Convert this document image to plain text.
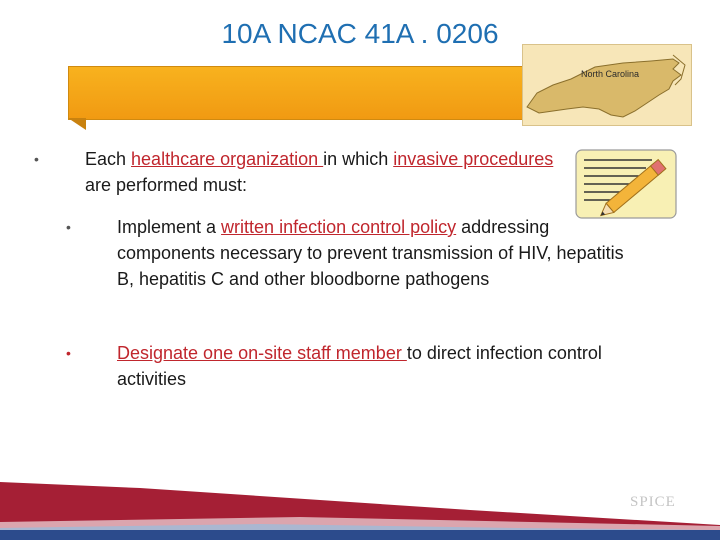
10A NCAC 41A . 0206
North Carolina
•	Each healthcare organization in which invasive procedures are performed must:
•	Implement a written infection control policy addressing components necessary to prevent transmission of HIV, hepatitis B, hepatitis C and other bloodborne pathogens
•	Designate one on-site staff member to direct infection control activities
SPICE
